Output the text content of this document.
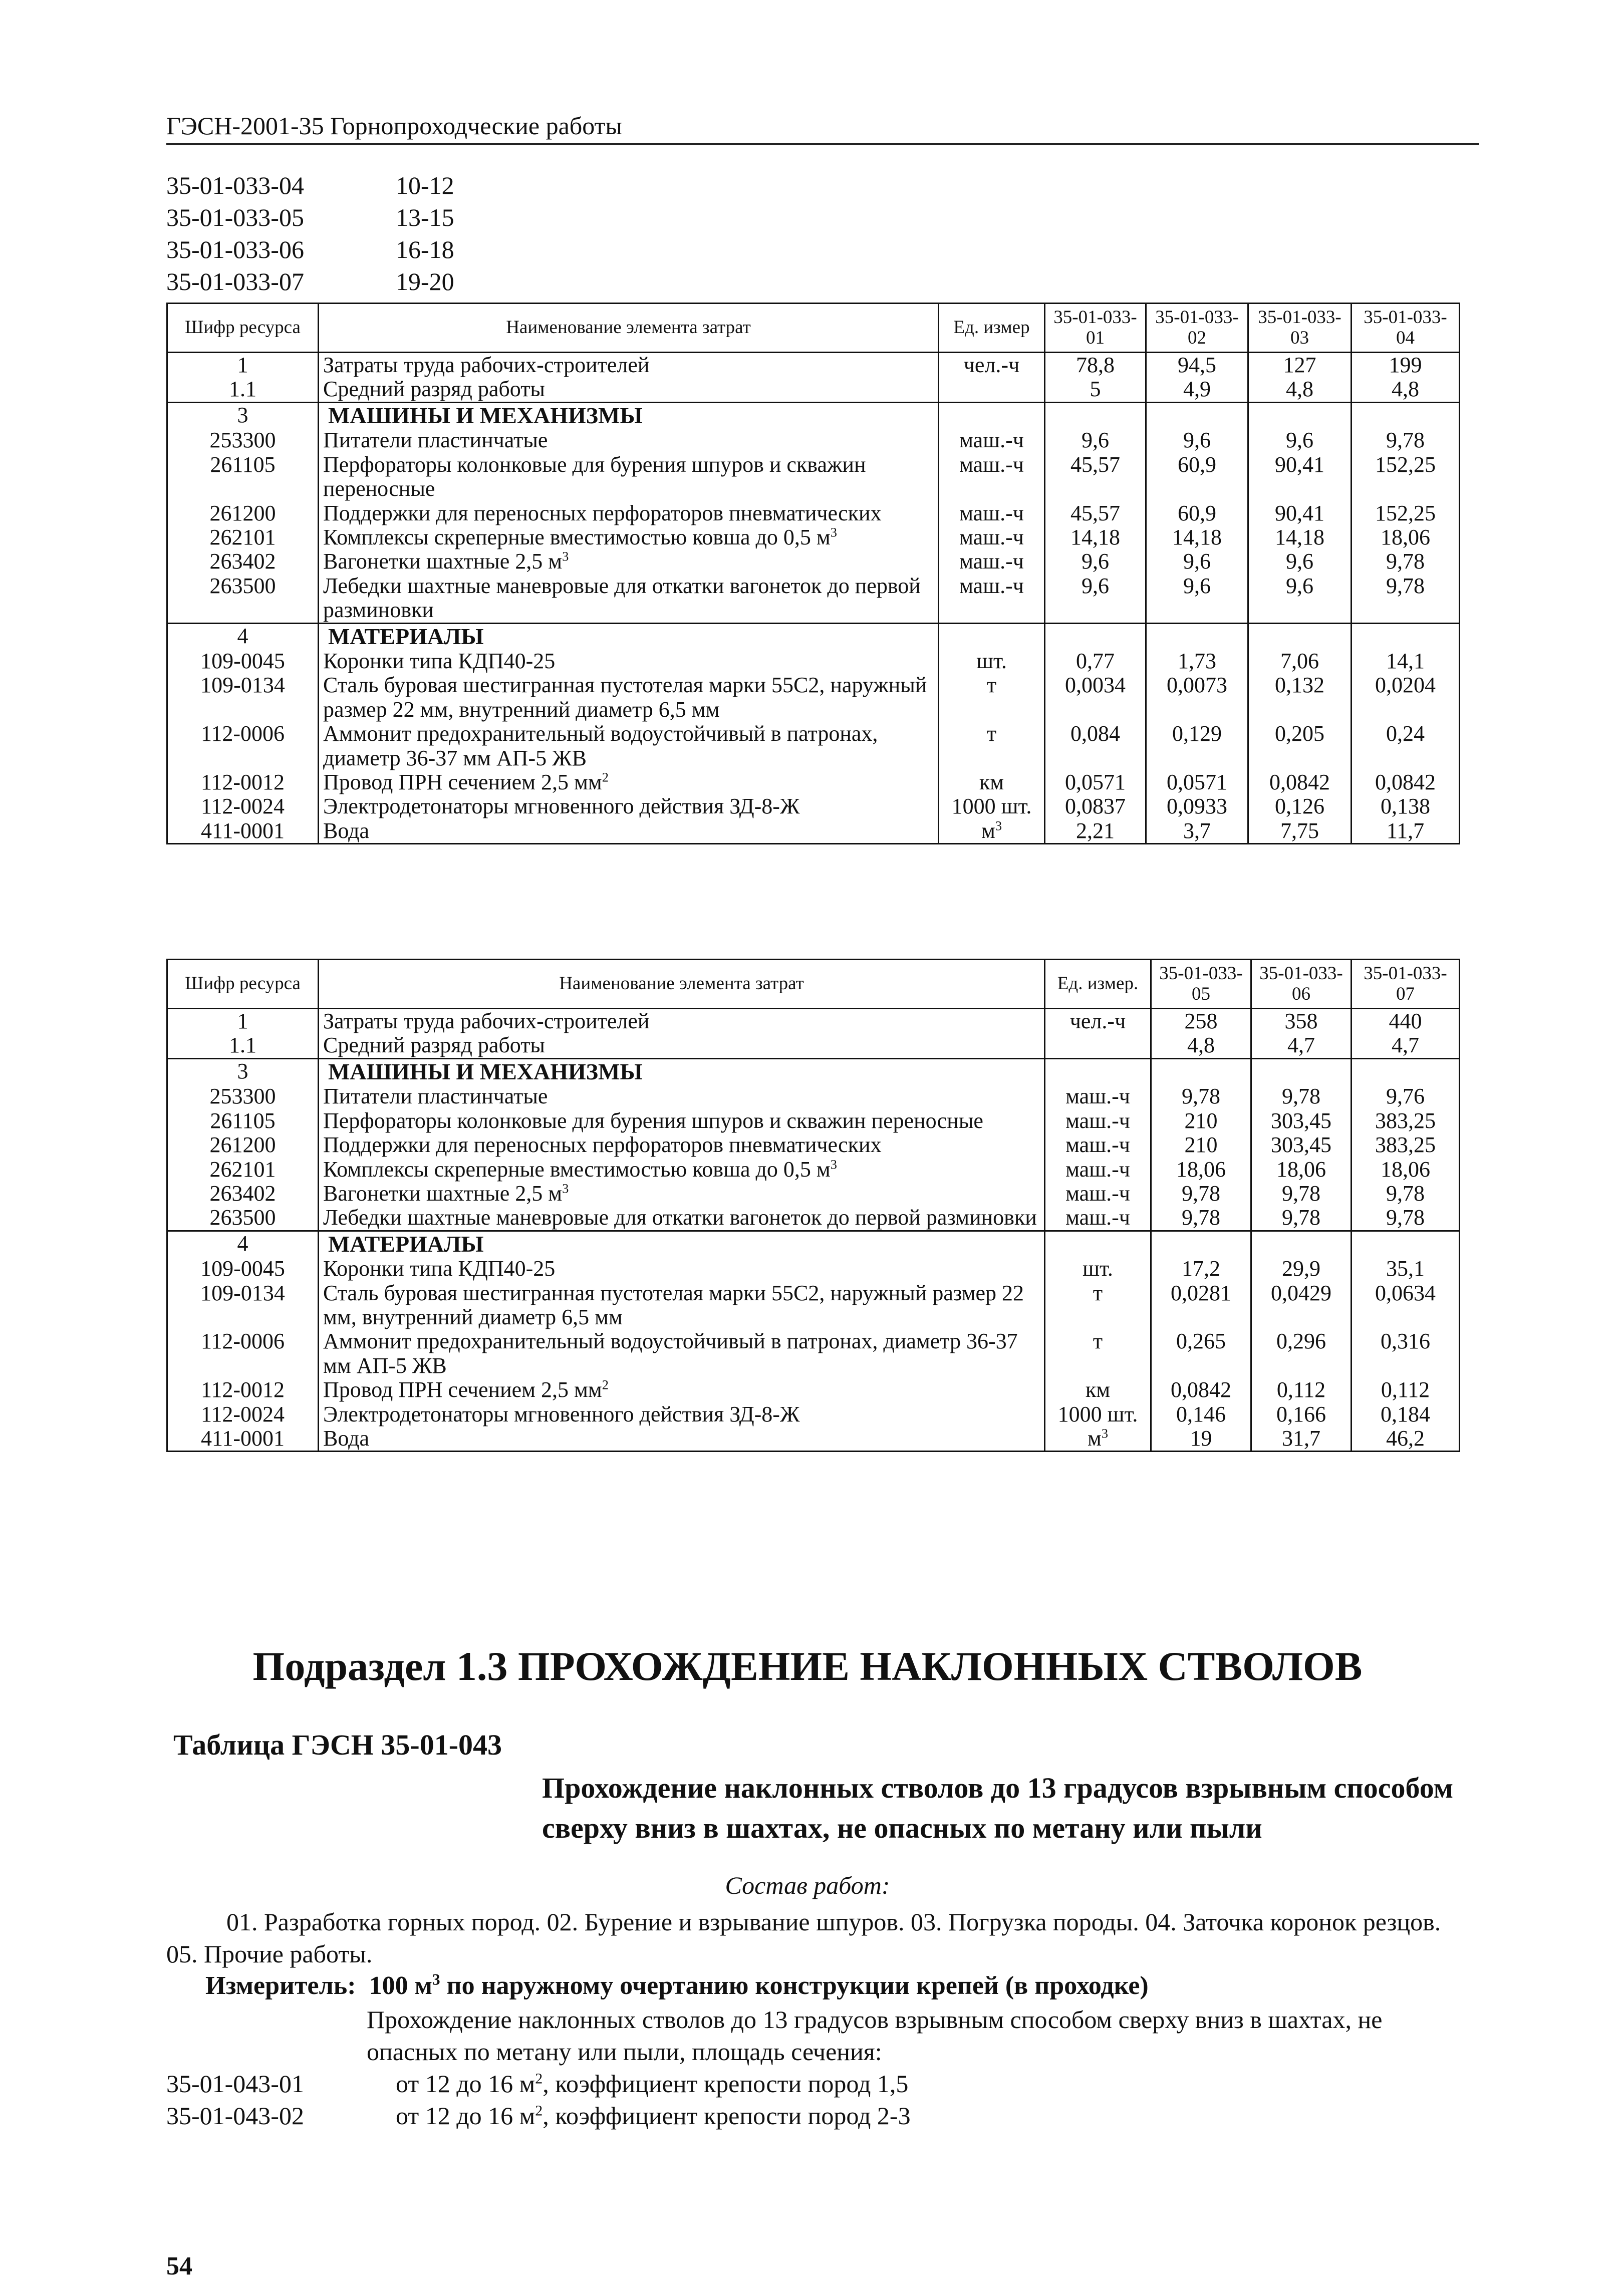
ГЭСН-2001-35 Горнопроходческие работы
35-01-033-04	10-12
35-01-033-05	13-15
35-01-033-06	16-18
35-01-033-07	19-20
Шифр ресурса	Наименование элемента затрат	Ед. измер	35-01-033-01	35-01-033-02	35-01-033-03	35-01-033-04
1	Затраты труда рабочих-строителей	чел.-ч	78,8	94,5	127	199
1.1	Средний разряд работы		5	4,9	4,8	4,8
3	МАШИНЫ И МЕХАНИЗМЫ					
253300	Питатели пластинчатые	маш.-ч	9,6	9,6	9,6	9,78
261105	Перфораторы колонковые для бурения шпуров и скважин переносные	маш.-ч	45,57	60,9	90,41	152,25
261200	Поддержки для переносных перфораторов пневматических	маш.-ч	45,57	60,9	90,41	152,25
262101	Комплексы скреперные вместимостью ковша до 0,5 $м^3$	маш.-ч	14,18	14,18	14,18	18,06
263402	Вагонетки шахтные 2,5 $м^3$	маш.-ч	9,6	9,6	9,6	9,78
263500	Лебедки шахтные маневровые для откатки вагонеток до первой разминовки	маш.-ч	9,6	9,6	9,6	9,78
4	МАТЕРИАЛЫ					
109-0045	Коронки типа КДП40-25	шт.	0,77	1,73	7,06	14,1
109-0134	Сталь буровая шестигранная пустотелая марки 55С2, наружный размер 22 мм, внутренний диаметр 6,5 мм	т	0,0034	0,0073	0,132	0,0204
112-0006	Аммонит предохранительный водоустойчивый в патронах, диаметр 36-37 мм АП-5 ЖВ	т	0,084	0,129	0,205	0,24
112-0012	Провод ПРН сечением 2,5 $мм^2$	км	0,0571	0,0571	0,0842	0,0842
112-0024	Электродетонаторы мгновенного действия ЗД-8-Ж	1000 шт.	0,0837	0,0933	0,126	0,138
411-0001	Вода	$м^3$	2,21	3,7	7,75	11,7
Шифр ресурса	Наименование элемента затрат	Ед. измер.	35-01-033-05	35-01-033-06	35-01-033-07
1	Затраты труда рабочих-строителей	чел.-ч	258	358	440
1.1	Средний разряд работы		4,8	4,7	4,7
3	МАШИНЫ И МЕХАНИЗМЫ				
253300	Питатели пластинчатые	маш.-ч	9,78	9,78	9,76
261105	Перфораторы колонковые для бурения шпуров и скважин переносные	маш.-ч	210	303,45	383,25
261200	Поддержки для переносных перфораторов пневматических	маш.-ч	210	303,45	383,25
262101	Комплексы скреперные вместимостью ковша до 0,5 $м^3$	маш.-ч	18,06	18,06	18,06
263402	Вагонетки шахтные 2,5 $м^3$	маш.-ч	9,78	9,78	9,78
263500	Лебедки шахтные маневровые для откатки вагонеток до первой разминовки	маш.-ч	9,78	9,78	9,78
4	МАТЕРИАЛЫ				
109-0045	Коронки типа КДП40-25	шт.	17,2	29,9	35,1
109-0134	Сталь буровая шестигранная пустотелая марки 55С2, наружный размер 22 мм, внутренний диаметр 6,5 мм	т	0,0281	0,0429	0,0634
112-0006	Аммонит предохранительный водоустойчивый в патронах, диаметр 36-37 мм АП-5 ЖВ	т	0,265	0,296	0,316
112-0012	Провод ПРН сечением 2,5 $мм^2$	км	0,0842	0,112	0,112
112-0024	Электродетонаторы мгновенного действия ЗД-8-Ж	1000 шт.	0,146	0,166	0,184
411-0001	Вода	$м^3$	19	31,7	46,2
Подраздел 1.3 ПРОХОЖДЕНИЕ НАКЛОННЫХ СТВОЛОВ
Таблица ГЭСН 35-01-043
Прохождение наклонных стволов до 13 градусов взрывным способом сверху вниз в шахтах, не опасных по метану или пыли
Состав работ:
01. Разработка горных пород. 02. Бурение и взрывание шпуров. 03. Погрузка породы. 04. Заточка коронок резцов. 05. Прочие работы.
Измеритель: 100 $м^3$ по наружному очертанию конструкции крепей (в проходке)
Прохождение наклонных стволов до 13 градусов взрывным способом сверху вниз в шахтах, не опасных по метану или пыли, площадь сечения:
35-01-043-01	от 12 до 16 $м^2$, коэффициент крепости пород 1,5
35-01-043-02	от 12 до 16 $м^2$, коэффициент крепости пород 2-3
54
